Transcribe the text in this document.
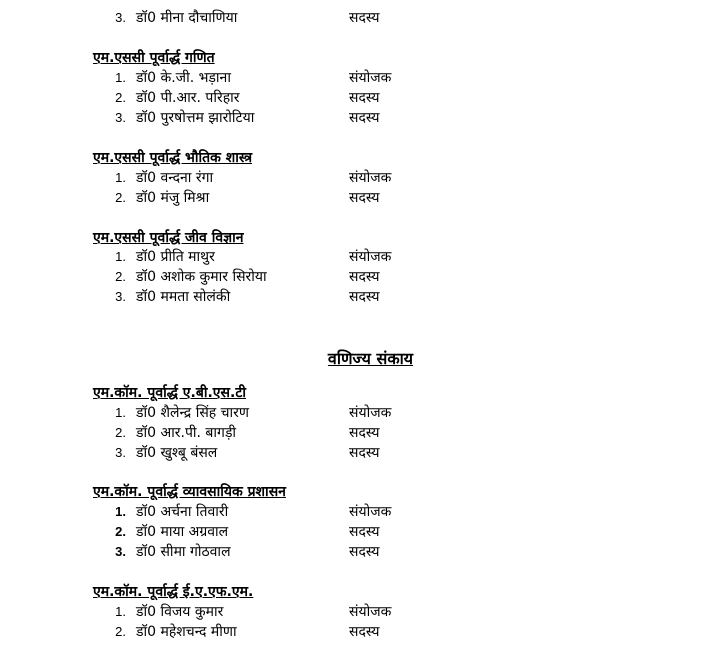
3. डॉ0 मीना दौचाणिया	सदस्य
एम.एससी पूर्वार्द्ध गणित
1. डॉ0 के.जी. भड़ाना	संयोजक
2. डॉ0 पी.आर. परिहार	सदस्य
3. डॉ0 पुरषोत्तम झारोटिया	सदस्य
एम.एससी पूर्वार्द्ध भौतिक शास्त्र
1. डॉ0 वन्दना रंगा	संयोजक
2. डॉ0 मंजु मिश्रा	सदस्य
एम.एससी पूर्वार्द्ध जीव विज्ञान
1. डॉ0 प्रीति माथुर	संयोजक
2. डॉ0 अशोक कुमार सिरोया	सदस्य
3. डॉ0 ममता सोलंकी	सदस्य
वणिज्य संकाय
एम.कॉम. पूर्वार्द्ध ए.बी.एस.टी
1. डॉ0 शैलेन्द्र सिंह चारण	संयोजक
2. डॉ0 आर.पी. बागड़ी	सदस्य
3. डॉ0 खुश्बू बंसल	सदस्य
एम.कॉम. पूर्वार्द्ध व्यावसायिक प्रशासन
1. डॉ0 अर्चना तिवारी	संयोजक
2. डॉ0 माया अग्रवाल	सदस्य
3. डॉ0 सीमा गोठवाल	सदस्य
एम.कॉम. पूर्वार्द्ध ई.ए.एफ.एम.
1. डॉ0 विजय कुमार	संयोजक
2. डॉ0 महेशचन्द मीणा	सदस्य
